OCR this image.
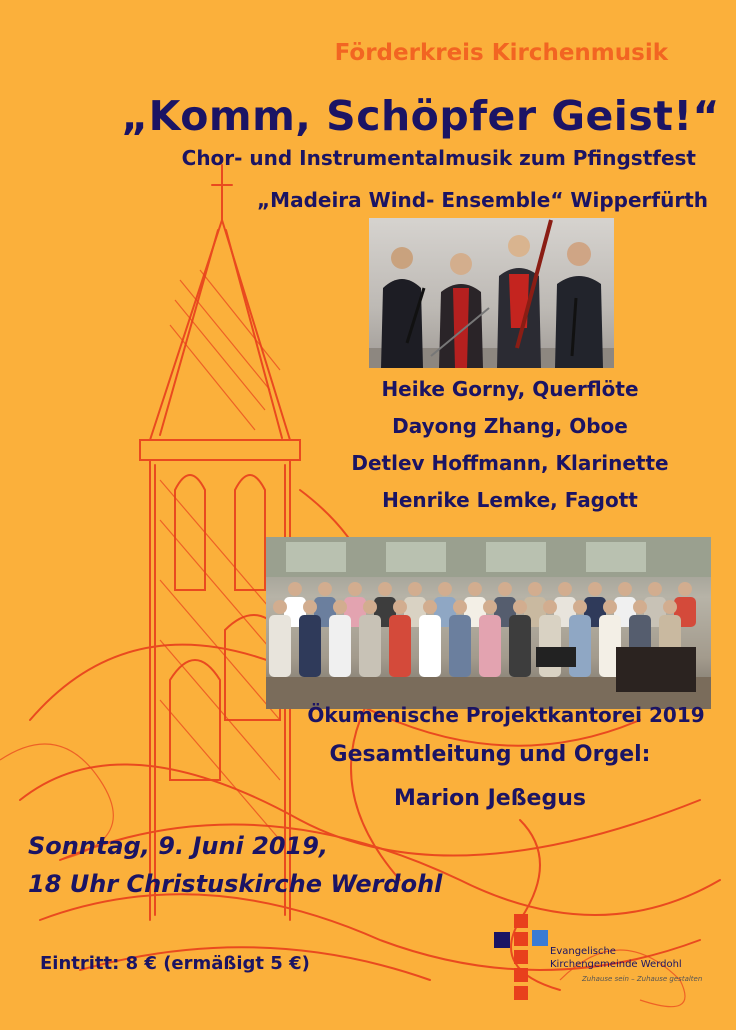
Förderkreis Kirchenmusik
„Komm, Schöpfer Geist!“
Chor- und Instrumentalmusik zum Pfingstfest
„Madeira Wind- Ensemble“ Wipperfürth
Heike Gorny, Querflöte
Dayong Zhang, Oboe
Detlev Hoffmann, Klarinette
Henrike Lemke, Fagott
Ökumenische Projektkantorei 2019
Gesamtleitung und Orgel:
Marion Jeßegus
Sonntag, 9. Juni 2019,
18 Uhr Christuskirche Werdohl
Eintritt: 8 € (ermäßigt 5 €)
Evangelische
Kirchengemeinde Werdohl
Zuhause sein – Zuhause gestalten
